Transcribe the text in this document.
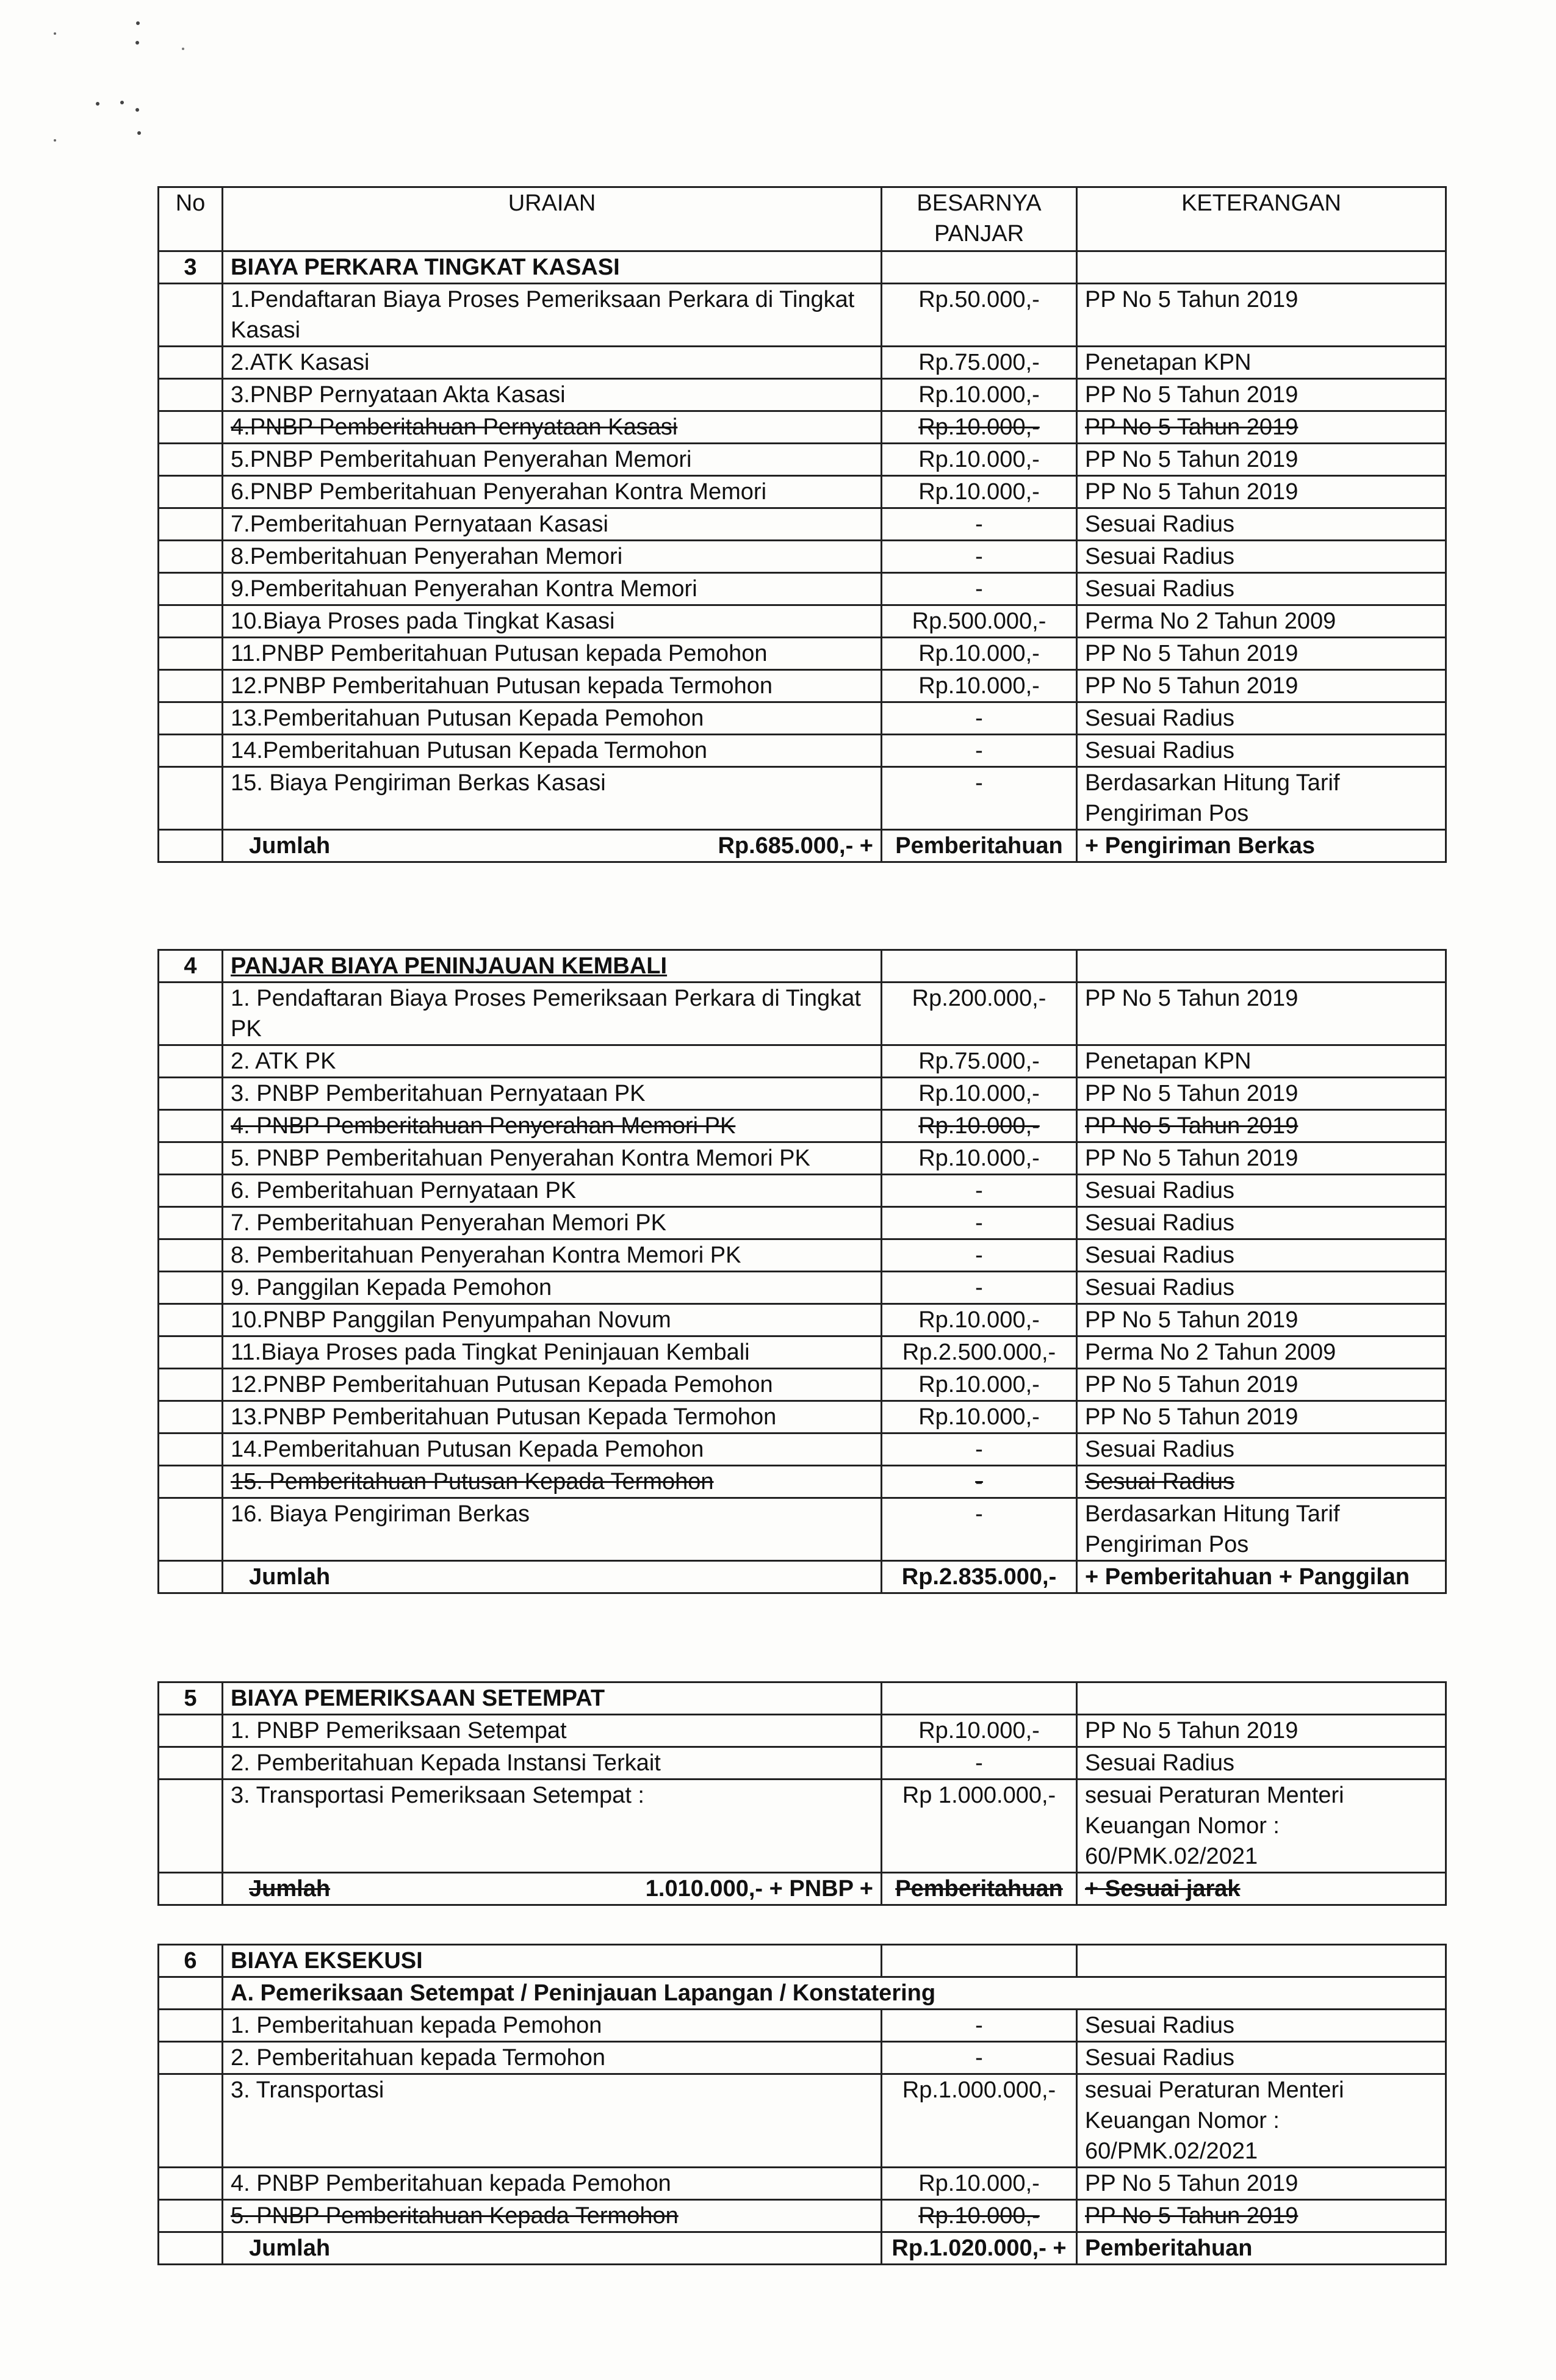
No	URAIAN	BESARNYA PANJAR	KETERANGAN
3	BIAYA PERKARA TINGKAT KASASI		
	1.Pendaftaran Biaya Proses Pemeriksaan Perkara di Tingkat Kasasi	Rp.50.000,-	PP No 5 Tahun 2019
	2.ATK Kasasi	Rp.75.000,-	Penetapan KPN
	3.PNBP Pernyataan Akta Kasasi	Rp.10.000,-	PP No 5 Tahun 2019
	4.PNBP Pemberitahuan Pernyataan Kasasi	Rp.10.000,-	PP No 5 Tahun 2019
	5.PNBP Pemberitahuan Penyerahan Memori	Rp.10.000,-	PP No 5 Tahun 2019
	6.PNBP Pemberitahuan Penyerahan Kontra Memori	Rp.10.000,-	PP No 5 Tahun 2019
	7.Pemberitahuan Pernyataan Kasasi	-	Sesuai Radius
	8.Pemberitahuan Penyerahan Memori	-	Sesuai Radius
	9.Pemberitahuan Penyerahan Kontra Memori	-	Sesuai Radius
	10.Biaya Proses pada Tingkat Kasasi	Rp.500.000,-	Perma No 2 Tahun 2009
	11.PNBP Pemberitahuan Putusan kepada Pemohon	Rp.10.000,-	PP No 5 Tahun 2019
	12.PNBP Pemberitahuan Putusan kepada Termohon	Rp.10.000,-	PP No 5 Tahun 2019
	13.Pemberitahuan Putusan Kepada Pemohon	-	Sesuai Radius
	14.Pemberitahuan Putusan Kepada Termohon	-	Sesuai Radius
	15. Biaya Pengiriman Berkas Kasasi	-	Berdasarkan Hitung Tarif Pengiriman Pos
	Jumlah Rp.685.000,- +	Pemberitahuan	+ Pengiriman Berkas
4	PANJAR BIAYA PENINJAUAN KEMBALI		
	1. Pendaftaran Biaya Proses Pemeriksaan Perkara di Tingkat PK	Rp.200.000,-	PP No 5 Tahun 2019
	2. ATK PK	Rp.75.000,-	Penetapan KPN
	3. PNBP Pemberitahuan Pernyataan PK	Rp.10.000,-	PP No 5 Tahun 2019
	4. PNBP Pemberitahuan Penyerahan Memori PK	Rp.10.000,-	PP No 5 Tahun 2019
	5. PNBP Pemberitahuan Penyerahan Kontra Memori PK	Rp.10.000,-	PP No 5 Tahun 2019
	6. Pemberitahuan Pernyataan PK	-	Sesuai Radius
	7. Pemberitahuan Penyerahan Memori PK	-	Sesuai Radius
	8. Pemberitahuan Penyerahan Kontra Memori PK	-	Sesuai Radius
	9. Panggilan Kepada Pemohon	-	Sesuai Radius
	10.PNBP Panggilan Penyumpahan Novum	Rp.10.000,-	PP No 5 Tahun 2019
	11.Biaya Proses pada Tingkat Peninjauan Kembali	Rp.2.500.000,-	Perma No 2 Tahun 2009
	12.PNBP Pemberitahuan Putusan Kepada Pemohon	Rp.10.000,-	PP No 5 Tahun 2019
	13.PNBP Pemberitahuan Putusan Kepada Termohon	Rp.10.000,-	PP No 5 Tahun 2019
	14.Pemberitahuan Putusan Kepada Pemohon	-	Sesuai Radius
	15. Pemberitahuan Putusan Kepada Termohon	-	Sesuai Radius
	16. Biaya Pengiriman Berkas	-	Berdasarkan Hitung Tarif Pengiriman Pos
	Jumlah	Rp.2.835.000,-	+ Pemberitahuan + Panggilan
5	BIAYA PEMERIKSAAN SETEMPAT		
	1. PNBP Pemeriksaan Setempat	Rp.10.000,-	PP No 5 Tahun 2019
	2. Pemberitahuan Kepada Instansi Terkait	-	Sesuai Radius
	3. Transportasi Pemeriksaan Setempat :	Rp 1.000.000,-	sesuai Peraturan Menteri Keuangan Nomor : 60/PMK.02/2021
	Jumlah 1.010.000,- + PNBP +	Pemberitahuan	+ Sesuai jarak
6	BIAYA EKSEKUSI		
	A. Pemeriksaan Setempat / Peninjauan Lapangan / Konstatering		
	1. Pemberitahuan kepada Pemohon	-	Sesuai Radius
	2. Pemberitahuan kepada Termohon	-	Sesuai Radius
	3. Transportasi	Rp.1.000.000,-	sesuai Peraturan Menteri Keuangan Nomor : 60/PMK.02/2021
	4. PNBP Pemberitahuan kepada Pemohon	Rp.10.000,-	PP No 5 Tahun 2019
	5. PNBP Pemberitahuan Kepada Termohon	Rp.10.000,-	PP No 5 Tahun 2019
	Jumlah	Rp.1.020.000,- +	Pemberitahuan
